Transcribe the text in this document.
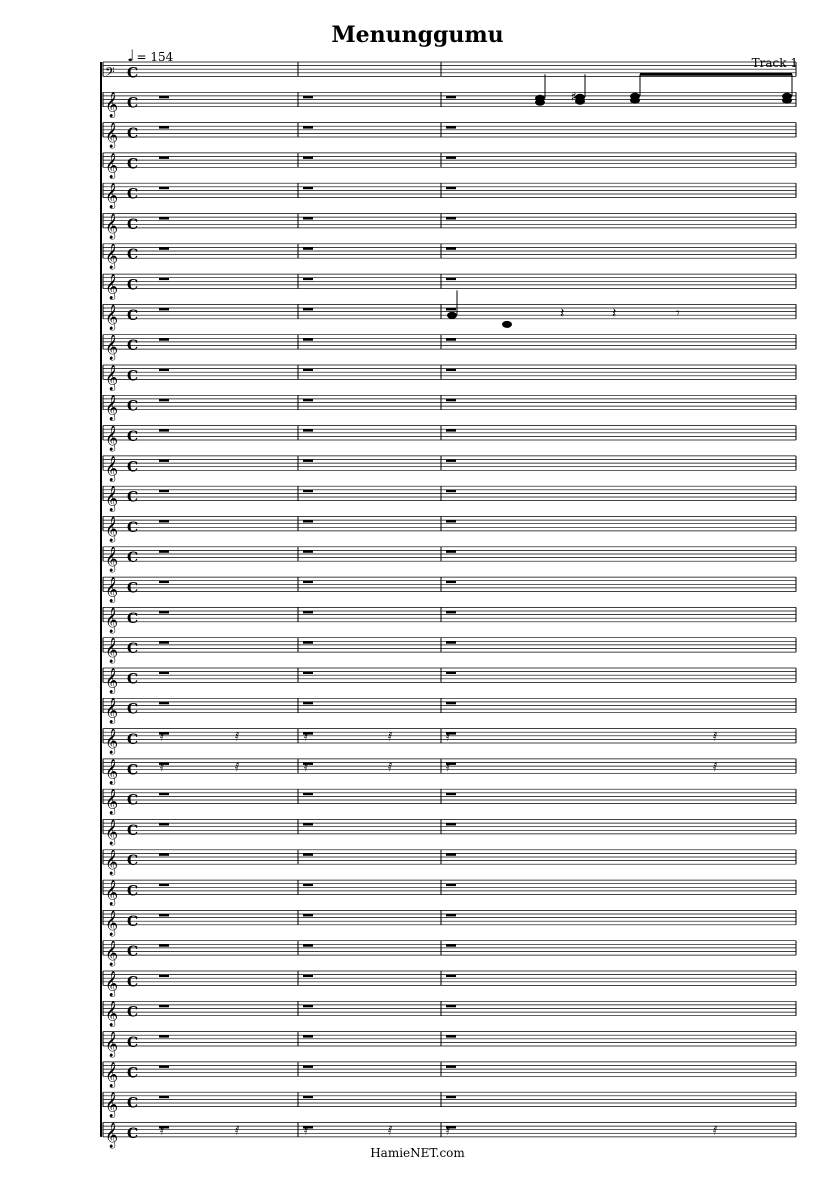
Menunggumu
♩ = 154	Track 1
𝄢 C
𝄞 C
𝄞 C
𝄞 C
𝄞 C
𝄞 C
𝄞 C
𝄞 C
𝄞 C
𝄞 C
𝄞 C
𝄞 C
𝄞 C
𝄞 C
𝄞 C
𝄞 C
𝄞 C
𝄞 C
𝄞 C
𝄞 C
𝄞 C
𝄞 C
𝄞 C
𝄞 C
𝄞 C
𝄞 C
𝄞 C
𝄞 C
𝄞 C
𝄞 C
𝄞 C
𝄞 C
𝄞 C
𝄞 C
𝄞 C
𝄞 C
♯
𝄽	𝄽	𝄾
𝅀	𝅀	𝅀	𝅀	𝅀	𝅀
𝅀	𝅀	𝅀	𝅀	𝅀	𝅀
𝅀	𝅀	𝅀	𝅀	𝅀	𝅀
HamieNET.com
